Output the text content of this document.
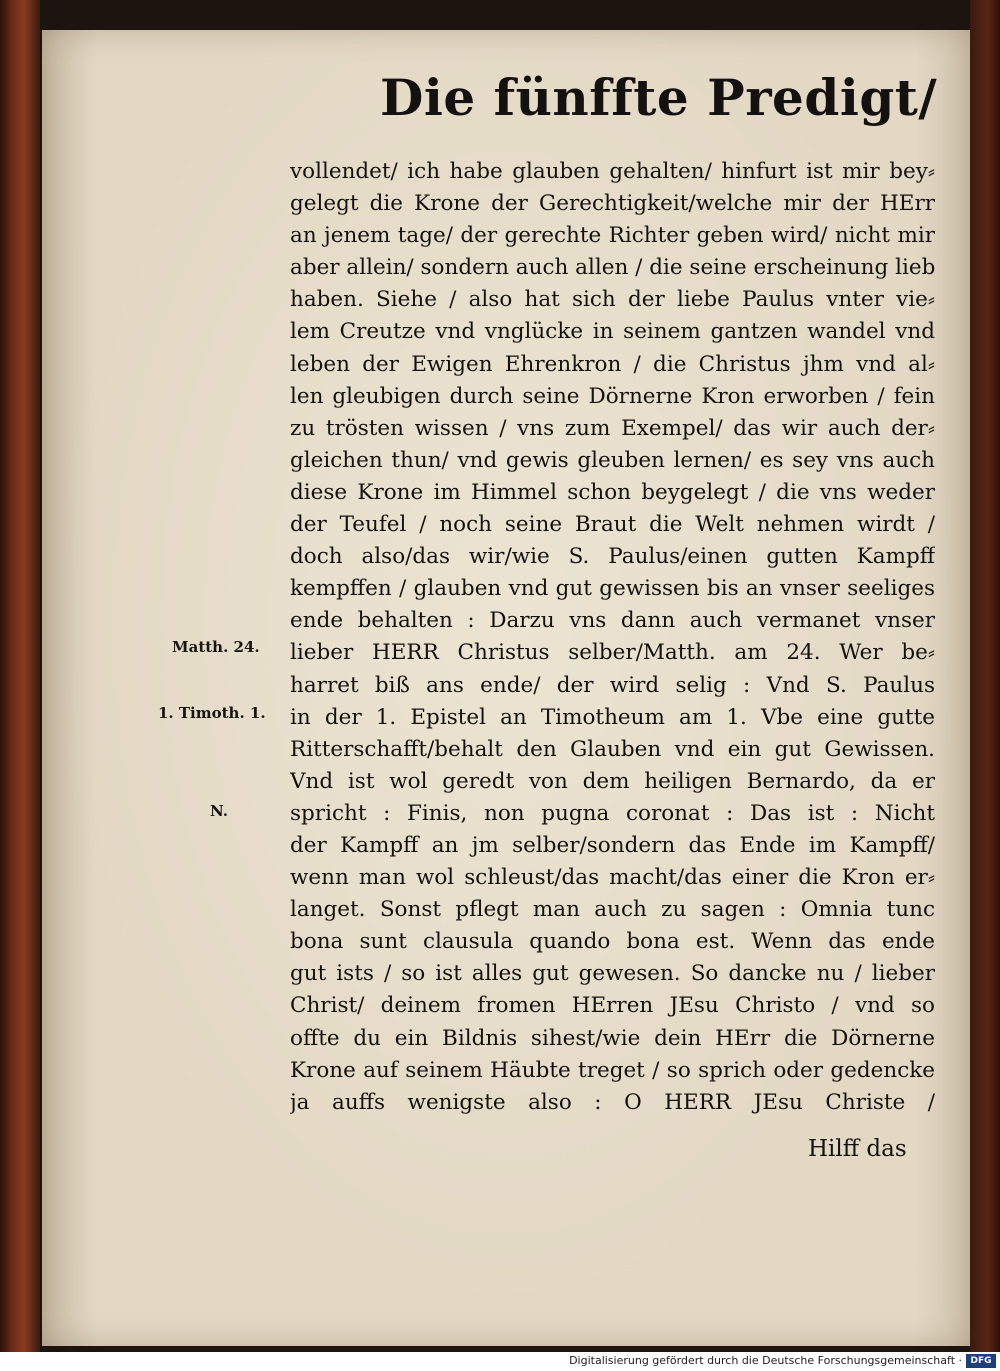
Die fünffte Predigt/
vollendet/ ich habe glauben gehalten/ hinfurt ist mir bey⸗
gelegt die Krone der Gerechtigkeit/welche mir der HErr
an jenem tage/ der gerechte Richter geben wird/ nicht mir
aber allein/ sondern auch allen / die seine erscheinung lieb
haben. Siehe / also hat sich der liebe Paulus vnter vie⸗
lem Creutze vnd vnglücke in seinem gantzen wandel vnd
leben der Ewigen Ehrenkron / die Christus jhm vnd al⸗
len gleubigen durch seine Dörnerne Kron erworben / fein
zu trösten wissen / vns zum Exempel/ das wir auch der⸗
gleichen thun/ vnd gewis gleuben lernen/ es sey vns auch
diese Krone im Himmel schon beygelegt / die vns weder
der Teufel / noch seine Braut die Welt nehmen wirdt /
doch also/das wir/wie S. Paulus/einen gutten Kampff
kempffen / glauben vnd gut gewissen bis an vnser seeliges
ende behalten : Darzu vns dann auch vermanet vnser
lieber HERR Christus selber/Matth. am 24. Wer be⸗
harret biß ans ende/ der wird selig : Vnd S. Paulus
in der 1. Epistel an Timotheum am 1. Vbe eine gutte
Ritterschafft/behalt den Glauben vnd ein gut Gewissen.
Vnd ist wol geredt von dem heiligen Bernardo, da er
spricht : Finis, non pugna coronat : Das ist : Nicht
der Kampff an jm selber/sondern das Ende im Kampff/
wenn man wol schleust/das macht/das einer die Kron er⸗
langet. Sonst pflegt man auch zu sagen : Omnia tunc
bona sunt clausula quando bona est. Wenn das ende
gut ists / so ist alles gut gewesen. So dancke nu / lieber
Christ/ deinem fromen HErren JEsu Christo / vnd so
offte du ein Bildnis sihest/wie dein HErr die Dörnerne
Krone auf seinem Häubte treget / so sprich oder gedencke
ja auffs wenigste also : O HERR JEsu Christe /
Matth. 24.
1. Timoth. 1.
N.
Hilff das
Digitalisierung gefördert durch die Deutsche Forschungsgemeinschaft · DFG
